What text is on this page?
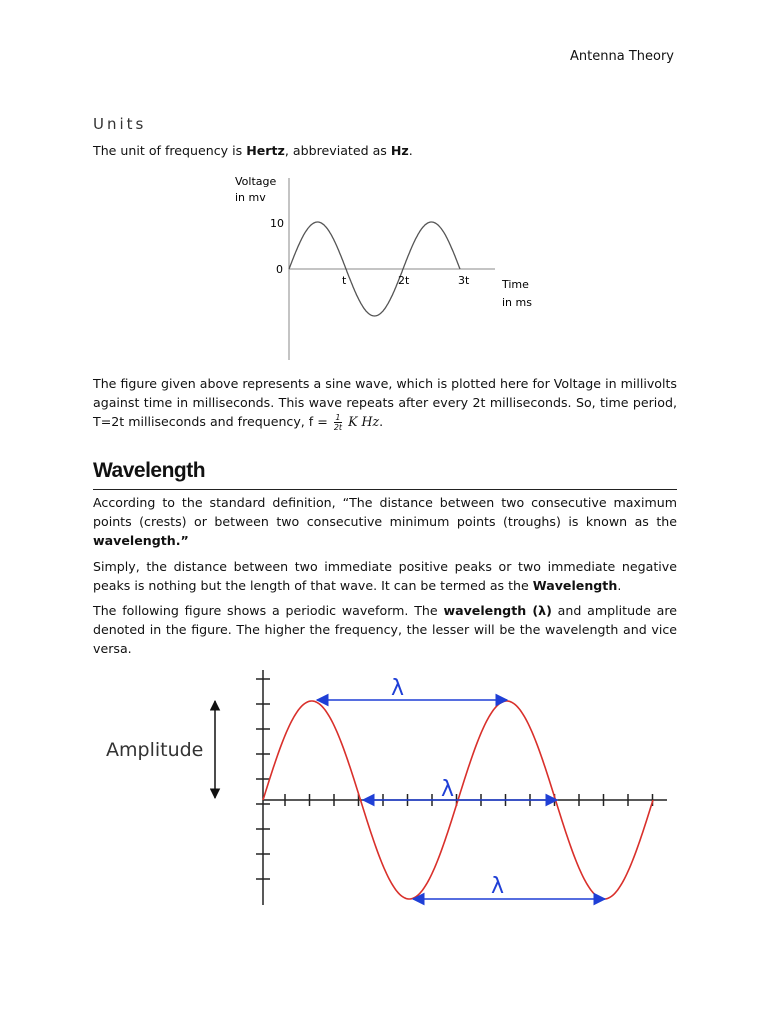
Antenna Theory
Units
The unit of frequency is Hertz, abbreviated as Hz.
Voltage
in mv
10
0
t	2t	3t	Time
in ms
The figure given above represents a sine wave, which is plotted here for Voltage in millivolts against time in milliseconds. This wave repeats after every 2t milliseconds. So, time period, T=2t milliseconds and frequency, $f = \frac{1}{2t}$ K Hz.
Wavelength
According to the standard definition, “The distance between two consecutive maximum points (crests) or between two consecutive minimum points (troughs) is known as the wavelength.”
Simply, the distance between two immediate positive peaks or two immediate negative peaks is nothing but the length of that wave. It can be termed as the Wavelength.
The following figure shows a periodic waveform. The wavelength (λ) and amplitude are denoted in the figure. The higher the frequency, the lesser will be the wavelength and vice versa.
Amplitude
λ
λ
λ
